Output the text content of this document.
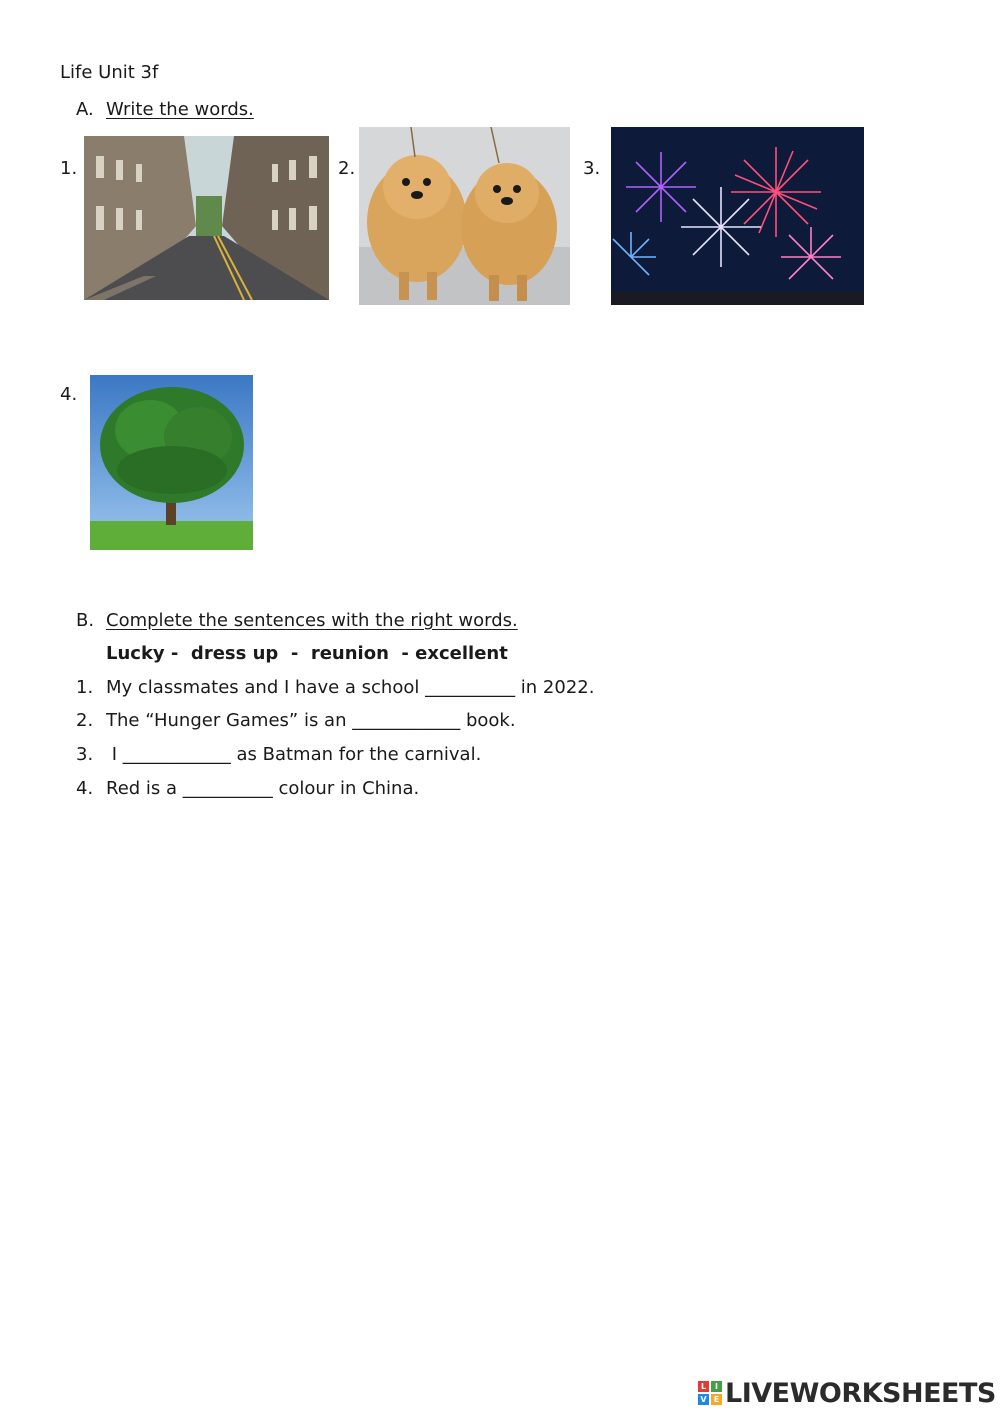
Life Unit 3f
A. Write the words.
1.	2.	3.
4.
B. Complete the sentences with the right words.
Lucky -  dress up  -  reunion  - excellent
1. My classmates and I have a school __________ in 2022.
2. The “Hunger Games” is an ____________ book.
3. I ____________ as Batman for the carnival.
4. Red is a __________ colour in China.
L	I
V E LIVEWORKSHEETS
